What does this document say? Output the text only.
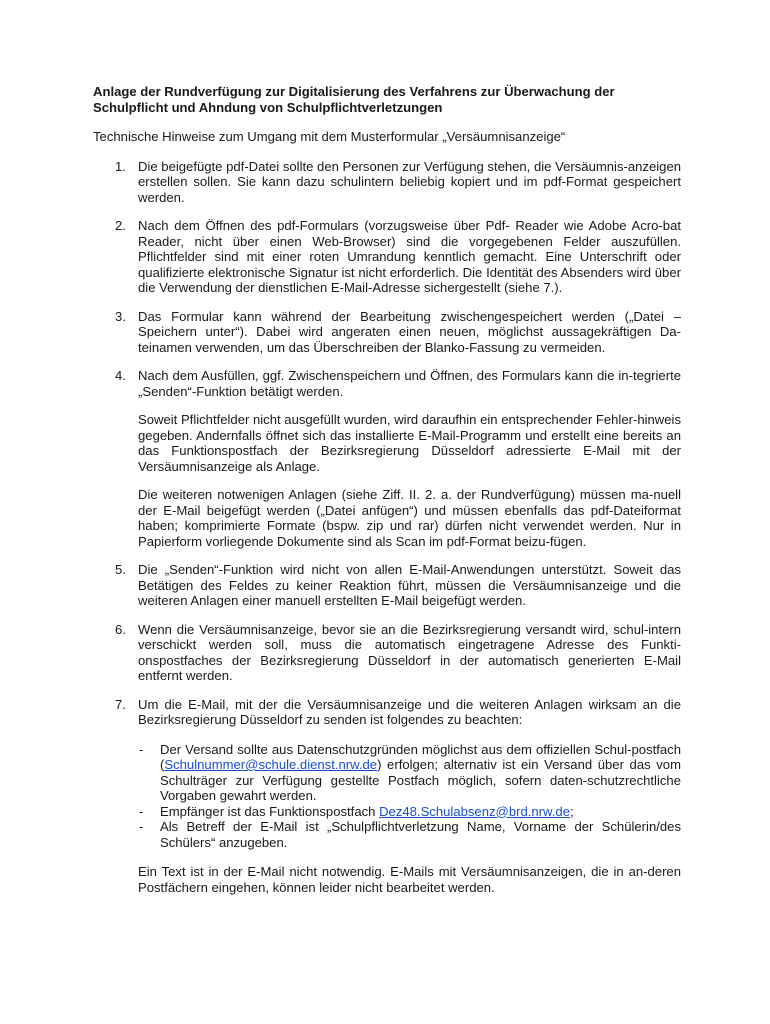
Anlage der Rundverfügung zur Digitalisierung des Verfahrens zur Überwachung der Schulpflicht und Ahndung von Schulpflichtverletzungen

Technische Hinweise zum Umgang mit dem Musterformular „Versäumnisanzeige“

1. Die beigefügte pdf-Datei sollte den Personen zur Verfügung stehen, die Versäumnis-anzeigen erstellen sollen. Sie kann dazu schulintern beliebig kopiert und im pdf-Format gespeichert werden.

2. Nach dem Öffnen des pdf-Formulars (vorzugsweise über Pdf- Reader wie Adobe Acro-bat Reader, nicht über einen Web-Browser) sind die vorgegebenen Felder auszufüllen. Pflichtfelder sind mit einer roten Umrandung kenntlich gemacht. Eine Unterschrift oder qualifizierte elektronische Signatur ist nicht erforderlich. Die Identität des Absenders wird über die Verwendung der dienstlichen E-Mail-Adresse sichergestellt (siehe 7.).

3. Das Formular kann während der Bearbeitung zwischengespeichert werden („Datei – Speichern unter“). Dabei wird angeraten einen neuen, möglichst aussagekräftigen Da-teinamen verwenden, um das Überschreiben der Blanko-Fassung zu vermeiden.

4. Nach dem Ausfüllen, ggf. Zwischenspeichern und Öffnen, des Formulars kann die in-tegrierte „Senden“-Funktion betätigt werden.

Soweit Pflichtfelder nicht ausgefüllt wurden, wird daraufhin ein entsprechender Fehler-hinweis gegeben. Andernfalls öffnet sich das installierte E-Mail-Programm und erstellt eine bereits an das Funktionspostfach der Bezirksregierung Düsseldorf adressierte E-Mail mit der Versäumnisanzeige als Anlage.

Die weiteren notwenigen Anlagen (siehe Ziff. II. 2. a. der Rundverfügung) müssen ma-nuell der E-Mail beigefügt werden („Datei anfügen“) und müssen ebenfalls das pdf-Dateiformat haben; komprimierte Formate (bspw. zip und rar) dürfen nicht verwendet werden. Nur in Papierform vorliegende Dokumente sind als Scan im pdf-Format beizu-fügen.

5. Die „Senden“-Funktion wird nicht von allen E-Mail-Anwendungen unterstützt. Soweit das Betätigen des Feldes zu keiner Reaktion führt, müssen die Versäumnisanzeige und die weiteren Anlagen einer manuell erstellten E-Mail beigefügt werden.

6. Wenn die Versäumnisanzeige, bevor sie an die Bezirksregierung versandt wird, schul-intern verschickt werden soll, muss die automatisch eingetragene Adresse des Funkti-onspostfaches der Bezirksregierung Düsseldorf in der automatisch generierten E-Mail entfernt werden.

7. Um die E-Mail, mit der die Versäumnisanzeige und die weiteren Anlagen wirksam an die Bezirksregierung Düsseldorf zu senden ist folgendes zu beachten:

- Der Versand sollte aus Datenschutzgründen möglichst aus dem offiziellen Schul-postfach (Schulnummer@schule.dienst.nrw.de) erfolgen; alternativ ist ein Versand über das vom Schulträger zur Verfügung gestellte Postfach möglich, sofern daten-schutzrechtliche Vorgaben gewahrt werden.
- Empfänger ist das Funktionspostfach Dez48.Schulabsenz@brd.nrw.de;
- Als Betreff der E-Mail ist „Schulpflichtverletzung Name, Vorname der Schülerin/des Schülers“ anzugeben.

Ein Text ist in der E-Mail nicht notwendig. E-Mails mit Versäumnisanzeigen, die in an-deren Postfächern eingehen, können leider nicht bearbeitet werden.
